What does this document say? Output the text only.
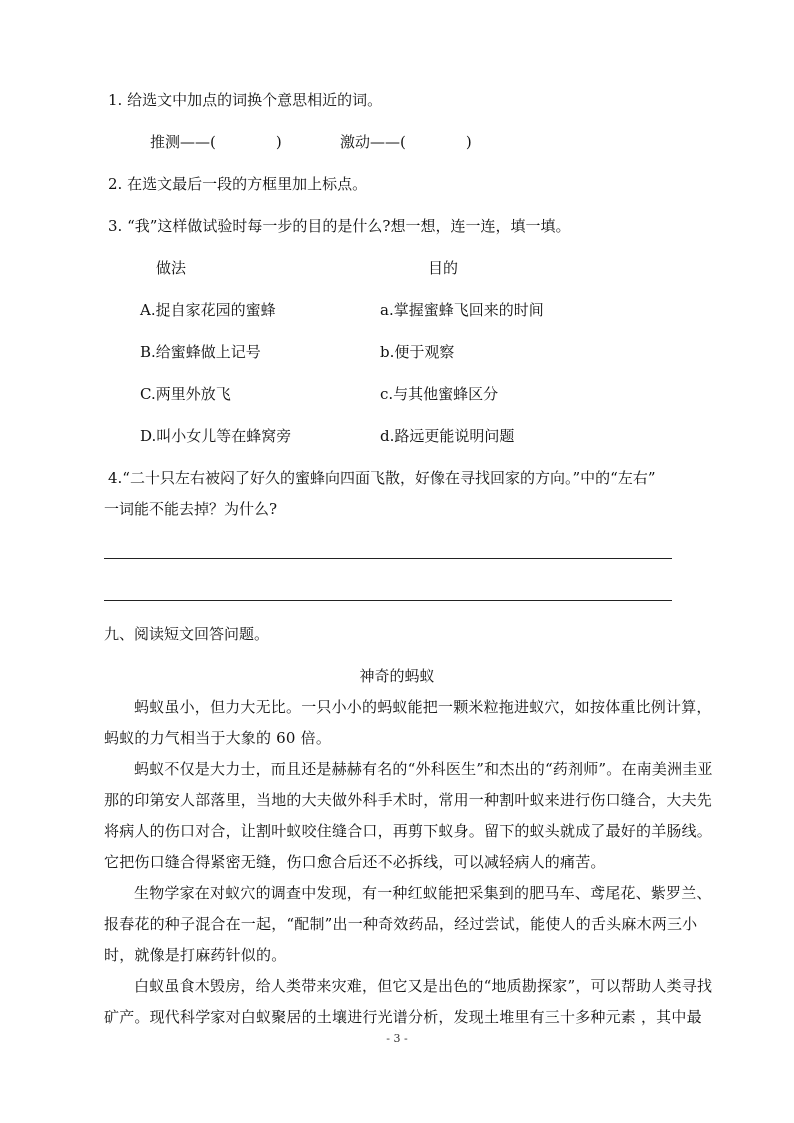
1. 给选文中加点的词换个意思相近的词。
推测——(　　　　)	激动——(　　　　)
2. 在选文最后一段的方框里加上标点。
3. “我”这样做试验时每一步的目的是什么?想一想，连一连，填一填。
做法	目的
A.捉自家花园的蜜蜂	a.掌握蜜蜂飞回来的时间
B.给蜜蜂做上记号	b.便于观察
C.两里外放飞	c.与其他蜜蜂区分
D.叫小女儿等在蜂窝旁	d.路远更能说明问题
4.“二十只左右被闷了好久的蜜蜂向四面飞散，好像在寻找回家的方向。”中的“左右”
一词能不能去掉？为什么?
九、阅读短文回答问题。
神奇的蚂蚁
蚂蚁虽小，但力大无比。一只小小的蚂蚁能把一颗米粒拖进蚁穴，如按体重比例计算，蚂蚁的力气相当于大象的 60 倍。
蚂蚁不仅是大力士，而且还是赫赫有名的“外科医生”和杰出的“药剂师”。在南美洲圭亚那的印第安人部落里，当地的大夫做外科手术时，常用一种割叶蚁来进行伤口缝合，大夫先将病人的伤口对合，让割叶蚁咬住缝合口，再剪下蚁身。留下的蚁头就成了最好的羊肠线。它把伤口缝合得紧密无缝，伤口愈合后还不必拆线，可以减轻病人的痛苦。
生物学家在对蚁穴的调查中发现，有一种红蚁能把采集到的肥马车、鸢尾花、紫罗兰、报春花的种子混合在一起，“配制”出一种奇效药品，经过尝试，能使人的舌头麻木两三小时，就像是打麻药针似的。
白蚁虽食木毁房，给人类带来灾难，但它又是出色的“地质勘探家”，可以帮助人类寻找矿产。现代科学家对白蚁聚居的土壤进行光谱分析，发现土堆里有三十多种元素 ，其中最
- 3 -
